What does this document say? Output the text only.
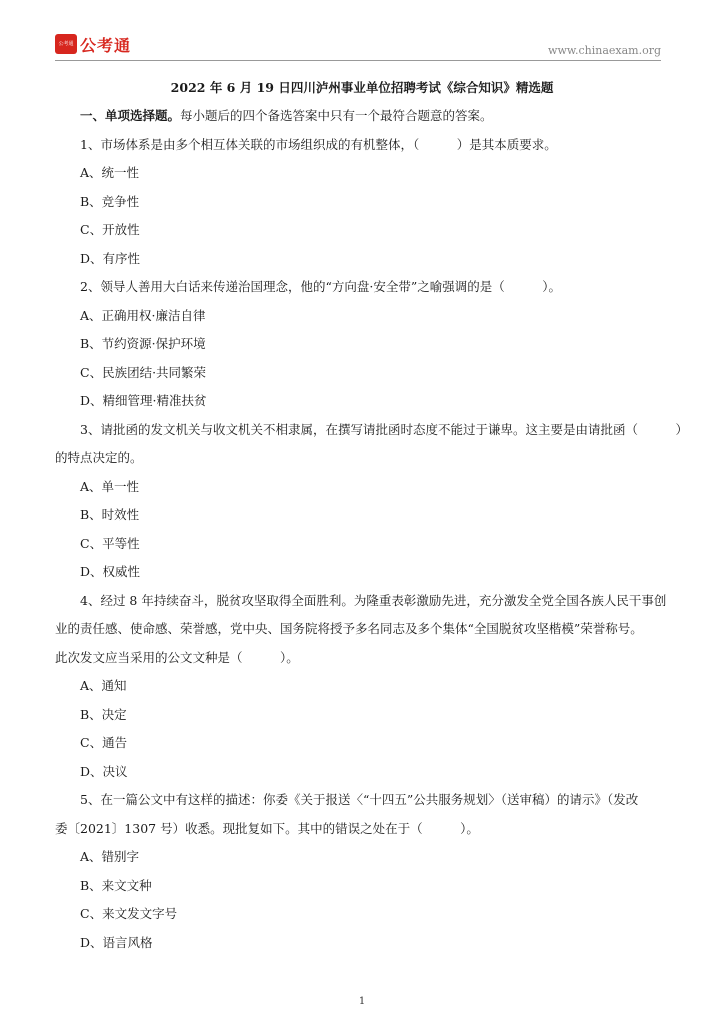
公考通 公考通	www.chinaexam.org
2022 年 6 月 19 日四川泸州事业单位招聘考试《综合知识》精选题
一、单项选择题。每小题后的四个备选答案中只有一个最符合题意的答案。
1、市场体系是由多个相互体关联的市场组织成的有机整体，（　　　）是其本质要求。
A、统一性
B、竞争性
C、开放性
D、有序性
2、领导人善用大白话来传递治国理念，他的“方向盘·安全带”之喻强调的是（　　　）。
A、正确用权·廉洁自律
B、节约资源·保护环境
C、民族团结·共同繁荣
D、精细管理·精准扶贫
3、请批函的发文机关与收文机关不相隶属，在撰写请批函时态度不能过于谦卑。这主要是由请批函（　　　）
的特点决定的。
A、单一性
B、时效性
C、平等性
D、权威性
4、经过 8 年持续奋斗，脱贫攻坚取得全面胜利。为隆重表彰激励先进，充分激发全党全国各族人民干事创
业的责任感、使命感、荣誉感，党中央、国务院将授予多名同志及多个集体“全国脱贫攻坚楷模”荣誉称号。
此次发文应当采用的公文文种是（　　　）。
A、通知
B、决定
C、通告
D、决议
5、在一篇公文中有这样的描述：你委《关于报送〈“十四五”公共服务规划〉（送审稿）的请示》（发改
委〔2021〕1307 号）收悉。现批复如下。其中的错误之处在于（　　　）。
A、错别字
B、来文文种
C、来文发文字号
D、语言风格
1
